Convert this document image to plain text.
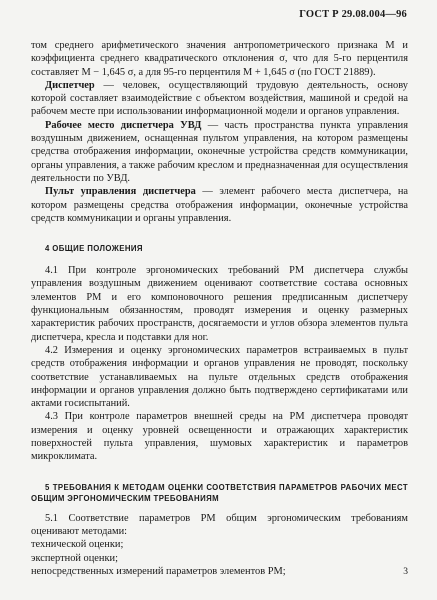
ГОСТ Р 29.08.004—96

том среднего арифметического значения антропометрического признака M и коэффициента среднего квадратического отклонения σ, что для 5-го перцентиля составляет M − 1,645 σ, а для 95-го перцентиля M + 1,645 σ (по ГОСТ 21889).

Диспетчер — человек, осуществляющий трудовую деятельность, основу которой составляет взаимодействие с объектом воздействия, машиной и средой на рабочем месте при использовании информационной модели и органов управления.

Рабочее место диспетчера УВД — часть пространства пункта управления воздушным движением, оснащенная пультом управления, на котором размещены средства отображения информации, оконечные устройства средств коммуникации, органы управления, а также рабочим креслом и предназначенная для осуществления деятельности по УВД.

Пульт управления диспетчера — элемент рабочего места диспетчера, на котором размещены средства отображения информации, оконечные устройства средств коммуникации и органы управления.

4 ОБЩИЕ ПОЛОЖЕНИЯ

4.1 При контроле эргономических требований РМ диспетчера службы управления воздушным движением оценивают соответствие состава основных элементов РМ и его компоновочного решения предписанным диспетчеру функциональным обязанностям, проводят измерения и оценку размерных характеристик рабочих пространств, досягаемости и углов обзора элементов пульта диспетчера, кресла и подставки для ног.

4.2 Измерения и оценку эргономических параметров встраиваемых в пульт средств отображения информации и органов управления не проводят, поскольку соответствие устанавливаемых на пульте отдельных средств отображения информации и органов управления должно быть подтверждено сертификатами или актами госиспытаний.

4.3 При контроле параметров внешней среды на РМ диспетчера проводят измерения и оценку уровней освещенности и отражающих характеристик поверхностей пульта управления, шумовых характеристик и параметров микроклимата.

5 ТРЕБОВАНИЯ К МЕТОДАМ ОЦЕНКИ СООТВЕТСТВИЯ ПАРАМЕТРОВ РАБОЧИХ МЕСТ ОБЩИМ ЭРГОНОМИЧЕСКИМ ТРЕБОВАНИЯМ

5.1 Соответствие параметров РМ общим эргономическим требованиям оценивают методами:

технической оценки;

экспертной оценки;

непосредственных измерений параметров элементов РМ;	3
